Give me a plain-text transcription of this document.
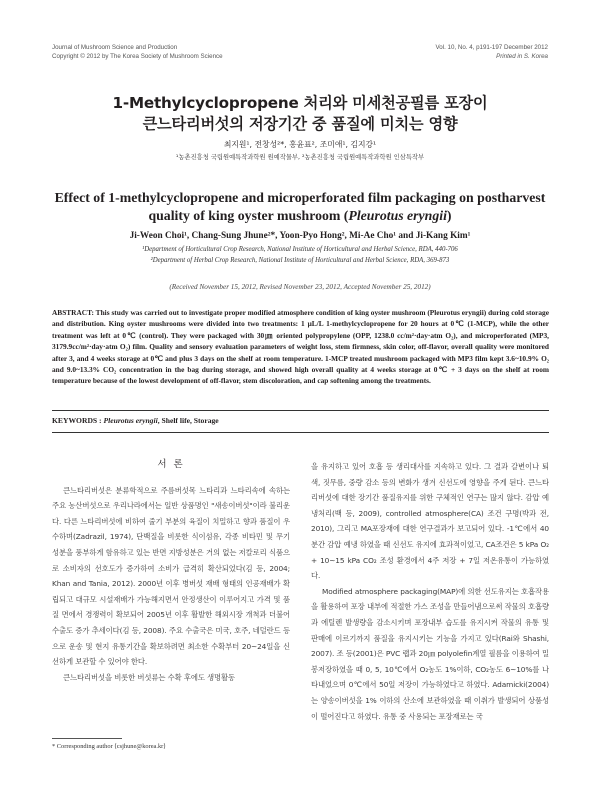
Journal of Mushroom Science and Production
Copyright © 2012 by The Korea Society of Mushroom Science
Vol. 10, No. 4, p191-197 December 2012
Printed in S. Korea
1-Methylcyclopropene 처리와 미세천공필름 포장이
큰느타리버섯의 저장기간 중 품질에 미치는 영향
최지원¹, 전창성²*, 홍윤표², 조미애¹, 김지강¹
¹농촌진흥청 국립원예특작과학원 원예작물부, ²농촌진흥청 국립원예특작과학원 인삼특작부
Effect of 1-methylcyclopropene and microperforated film packaging on postharvest
quality of king oyster mushroom (Pleurotus eryngii)
Ji-Weon Choi¹, Chang-Sung Jhune²*, Yoon-Pyo Hong², Mi-Ae Cho¹ and Ji-Kang Kim¹
¹Department of Horticultural Crop Research, National Institute of Horticultural and Herbal Science, RDA, 440-706
²Department of Herbal Crop Research, National Institute of Horticultural and Herbal Science, RDA, 369-873
(Received November 15, 2012, Revised November 23, 2012, Accepted November 25, 2012)
ABSTRACT: This study was carried out to investigate proper modified atmosphere condition of king oyster mushroom (Pleurotus eryngii) during cold storage and distribution. King oyster mushrooms were divided into two treatments: 1 μL/L 1-methylcyclopropene for 20 hours at 0℃ (1-MCP), while the other treatment was left at 0℃ (control). They were packaged with 30㎛ oriented polypropylene (OPP, 1238.0 cc/m²·day·atm O₂), and microperforated (MP3, 3179.9cc/m²·day·atm O₂) film. Quality and sensory evaluation parameters of weight loss, stem firmness, skin color, off-flavor, overall quality were monitored after 3, and 4 weeks storage at 0℃ and plus 3 days on the shelf at room temperature. 1-MCP treated mushroom packaged with MP3 film kept 3.6~10.9% O₂ and 9.0~13.3% CO₂ concentration in the bag during storage, and showed high overall quality at 4 weeks storage at 0℃ + 3 days on the shelf at room temperature because of the lowest development of off-flavor, stem discoloration, and cap softening among the treatments.
KEYWORDS : Pleurotus eryngii, Shelf life, Storage
서 론

큰느타리버섯은 분류학적으로 주름버섯목 느타리과 느타리속에 속하는 주요 농산버섯으로 우리나라에서는 일반 상품명인 "새송이버섯"이라 불리운다. 다른 느타리버섯에 비하여 줄기 부분의 육질이 치밀하고 향과 품질이 우수하며(Zadrazil, 1974), 단백질을 비롯한 식이섬유, 각종 비타민 및 무기성분을 풍부하게 함유하고 있는 반면 지방성분은 거의 없는 저칼로리 식품으로 소비자의 선호도가 증가하여 소비가 급격히 확산되었다(김 등, 2004; Khan and Tania, 2012). 2000년 이후 병버섯 재배 형태의 인공재배가 확립되고 대규모 시설재배가 가능해지면서 안정생산이 이루어지고 가격 및 품질 면에서 경쟁력이 확보되어 2005년 이후 활발한 해외시장 개척과 더불어 수출도 증가 추세이다(김 등, 2008). 주요 수출국은 미국, 호주, 네덜란드 등으로 운송 및 현지 유통기간을 확보하려면 최소한 수확부터 20~24일을 신선하게 보관할 수 있어야 한다.

큰느타리버섯을 비롯한 버섯류는 수확 후에도 생명활동

을 유지하고 있어 호흡 등 생리대사를 지속하고 있다. 그 결과 갈변이나 퇴색, 짓무름, 중량 감소 등의 변화가 생겨 신선도에 영향을 주게 된다. 큰느타리버섯에 대한 장기간 품질유지를 위한 구체적인 연구는 많지 않다. 감압 예냉처리(백 등, 2009), controlled atmosphere(CA) 조건 구명(박과 전, 2010), 그리고 MA포장재에 대한 연구결과가 보고되어 있다. -1℃에서 40분간 감압 예냉 하였을 때 신선도 유지에 효과적이었고, CA조건은 5 kPa O₂ + 10~15 kPa CO₂ 조성 환경에서 4주 저장 + 7일 저온유통이 가능하였다.

Modified atmosphere packaging(MAP)에 의한 선도유지는 호흡작용을 활용하여 포장 내부에 적절한 가스 조성을 만들어냄으로써 작물의 호흡량과 에틸렌 발생량을 감소시키며 포장내부 습도를 유지시켜 작물의 유통 및 판매에 이르기까지 품질을 유지시키는 기능을 가지고 있다(Rai와 Shashi, 2007). 조 등(2001)은 PVC 랩과 20㎛ polyolefin계열 필름을 이용하여 밀봉저장하였을 때 0, 5, 10℃에서 O₂농도 1%이하, CO₂농도 6~10%를 나타내었으며 0℃에서 50일 저장이 가능하였다고 하였다. Adamicki(2004)는 양송이버섯을 1% 이하의 산소에 보관하였을 때 이취가 발생되어 상품성이 떨어진다고 하였다. 유통 중 사용되는 포장재로는 국

* Corresponding author ⟨csjhune@korea.kr⟩
